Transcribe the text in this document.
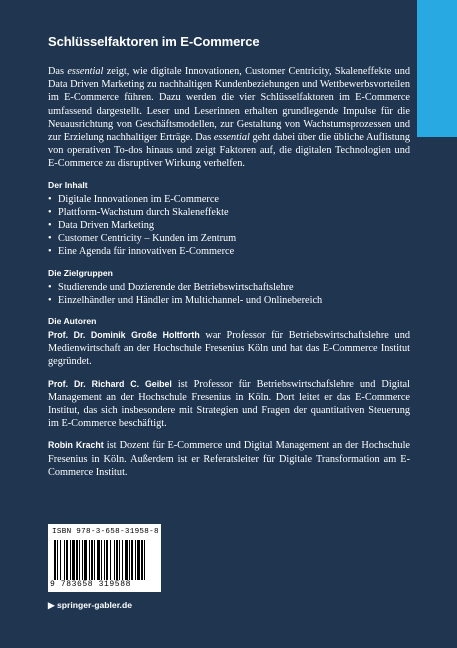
Schlüsselfaktoren im E-Commerce

Das essential zeigt, wie digitale Innovationen, Customer Centricity, Skaleneffekte und Data Driven Marketing zu nachhaltigen Kundenbeziehungen und Wettbewerbsvorteilen im E-Commerce führen. Dazu werden die vier Schlüsselfaktoren im E-Commerce umfassend dargestellt. Leser und Leserinnen erhalten grundlegende Impulse für die Neuausrichtung von Geschäftsmodellen, zur Gestaltung von Wachstumsprozessen und zur Erzielung nachhaltiger Erträge. Das essential geht dabei über die übliche Auflistung von operativen To-dos hinaus und zeigt Faktoren auf, die digitalen Technologien und E-Commerce zu disruptiver Wirkung verhelfen.

Der Inhalt
• Digitale Innovationen im E-Commerce
• Plattform-Wachstum durch Skaleneffekte
• Data Driven Marketing
• Customer Centricity – Kunden im Zentrum
• Eine Agenda für innovativen E-Commerce
Die Zielgruppen
• Studierende und Dozierende der Betriebswirtschaftslehre
• Einzelhändler und Händler im Multichannel- und Onlinebereich
Die Autoren

Prof. Dr. Dominik Große Holtforth war Professor für Betriebswirtschaftslehre und Medienwirtschaft an der Hochschule Fresenius Köln und hat das E-Commerce Institut gegründet.

Prof. Dr. Richard C. Geibel ist Professor für Betriebswirtschafslehre und Digital Management an der Hochschule Fresenius in Köln. Dort leitet er das E-Commerce Institut, das sich insbesondere mit Strategien und Fragen der quantitativen Steuerung im E-Commerce beschäftigt.

Robin Kracht ist Dozent für E-Commerce und Digital Management an der Hochschule Fresenius in Köln. Außerdem ist er Referatsleiter für Digitale Transformation am E-Commerce Institut.

ISBN 978-3-658-31958-8
9 783658 319588
▶ springer-gabler.de
